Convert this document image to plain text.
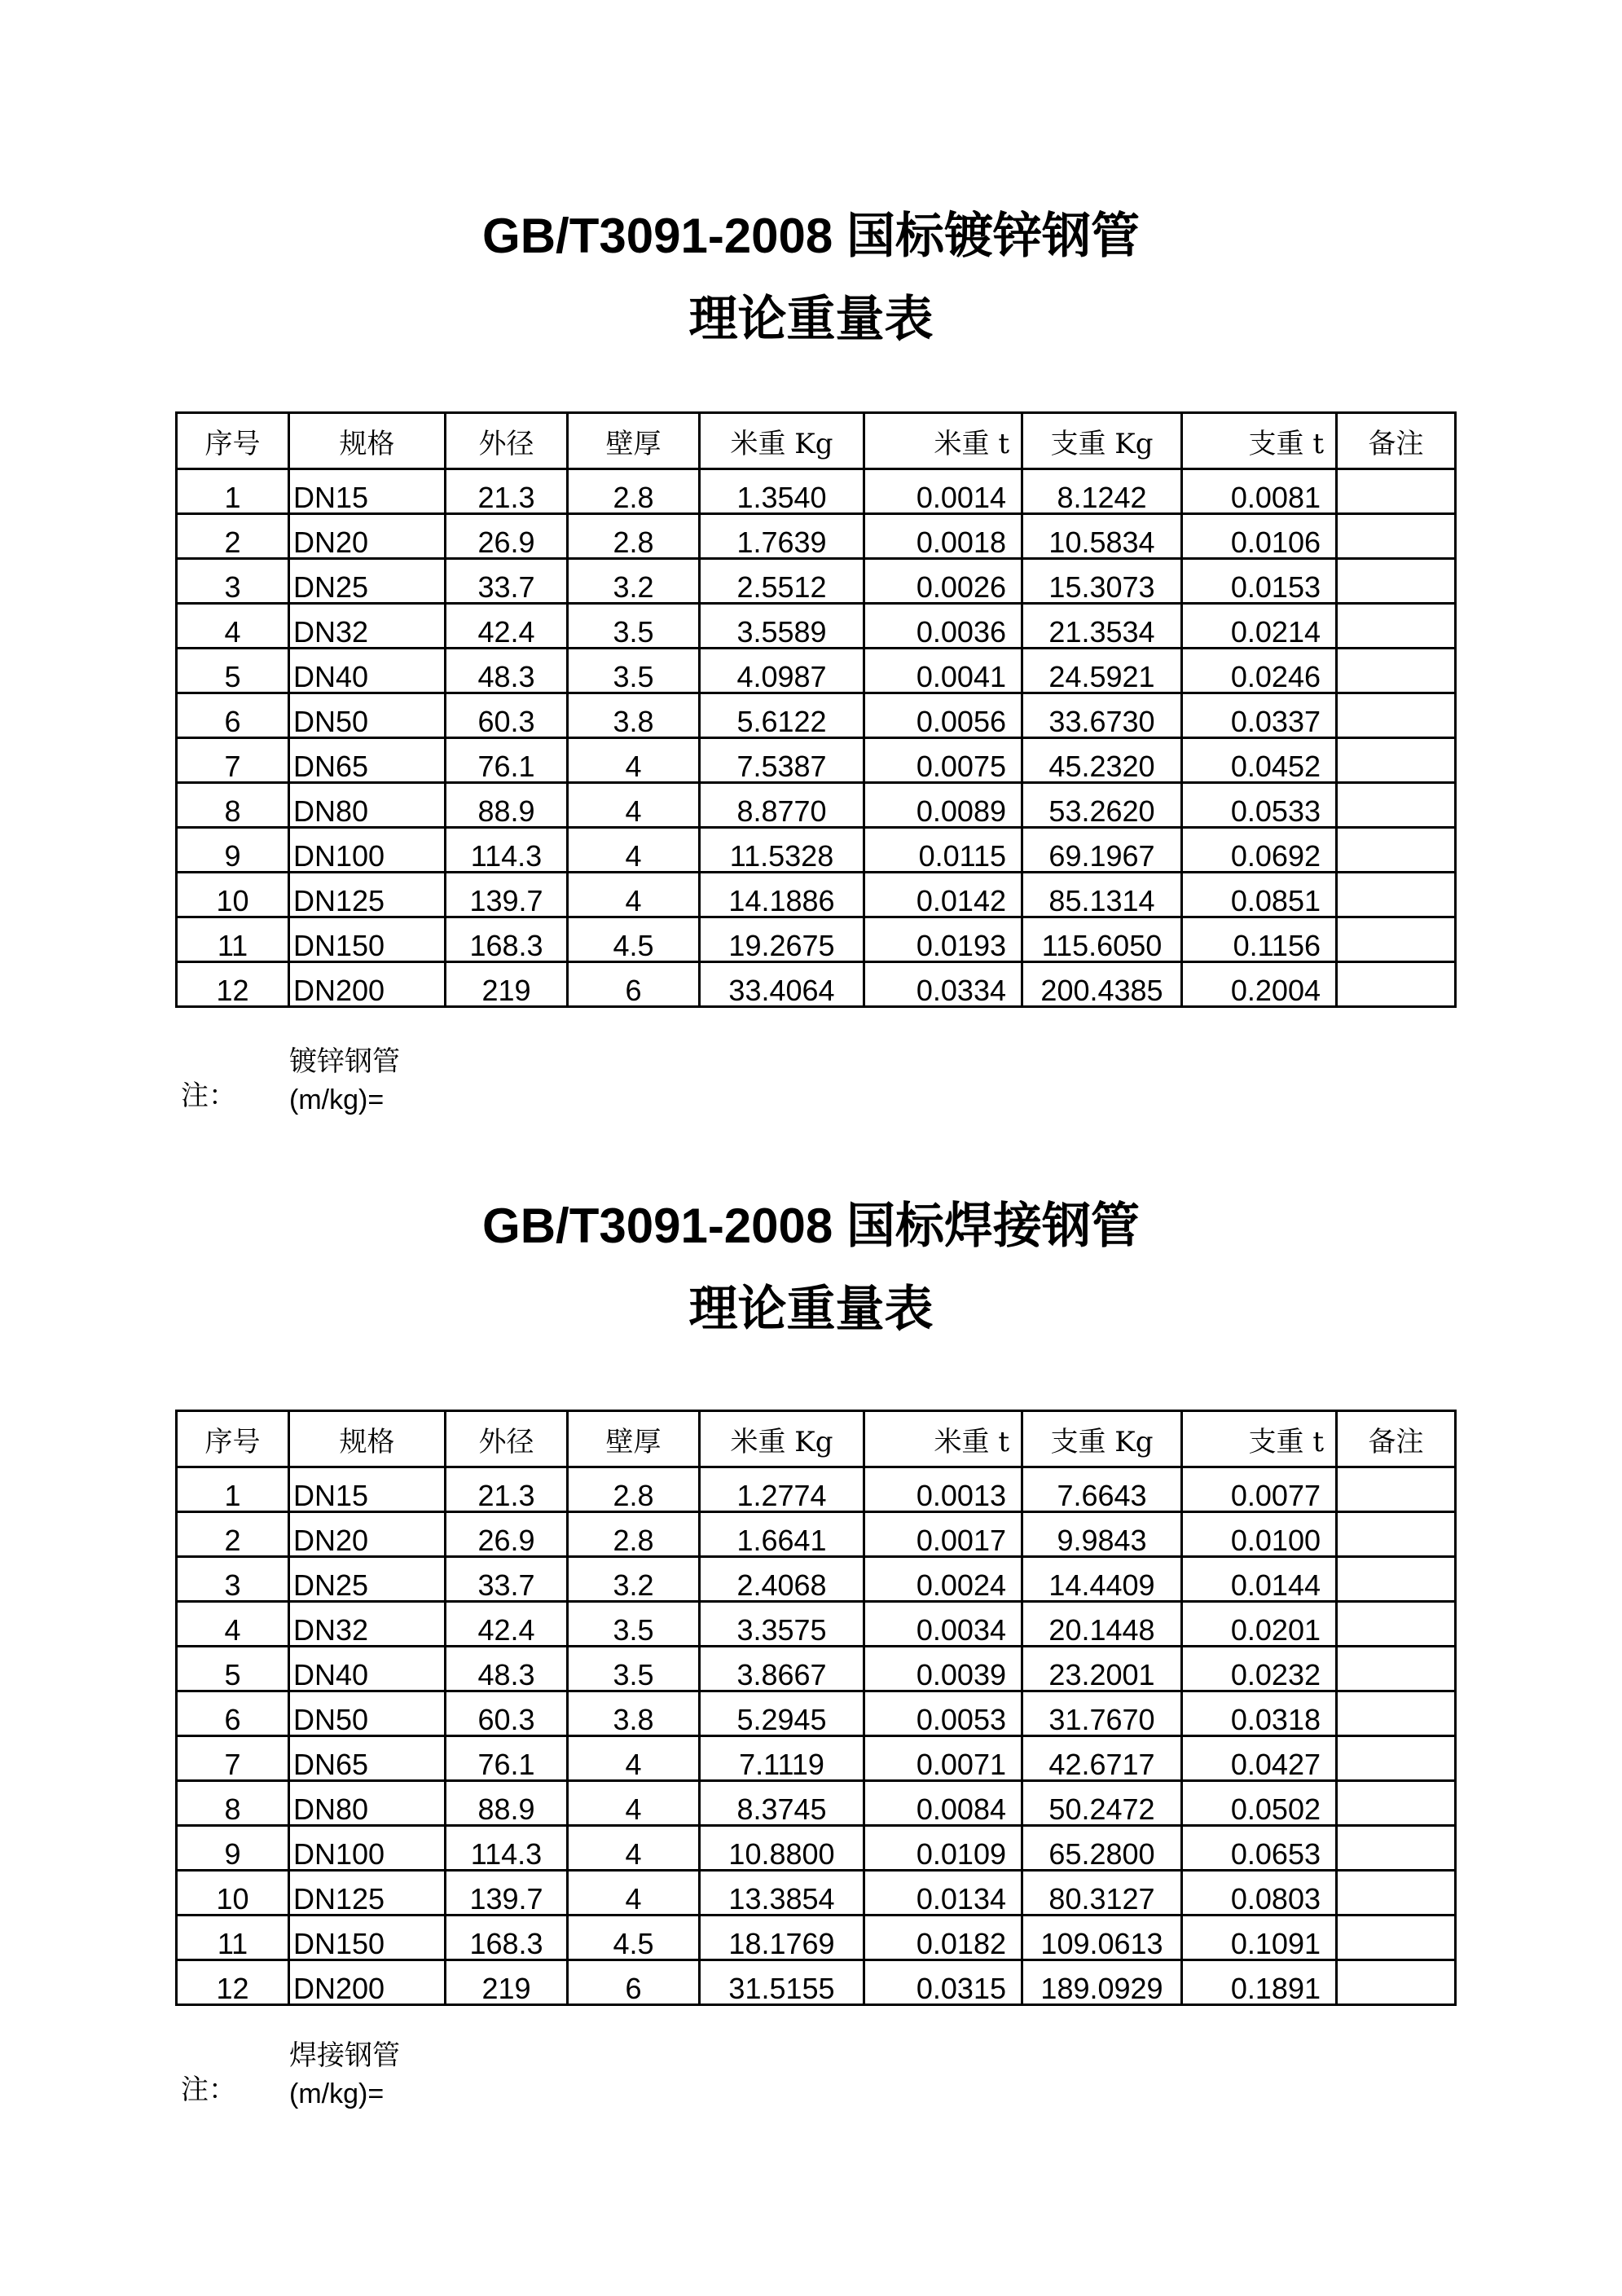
GB/T3091-2008 国标镀锌钢管
理论重量表
序号	规格	外径	壁厚	米重 Kg	米重 t	支重 Kg	支重 t	备注
1	DN15	21.3	2.8	1.3540	0.0014	8.1242	0.0081	
2	DN20	26.9	2.8	1.7639	0.0018	10.5834	0.0106	
3	DN25	33.7	3.2	2.5512	0.0026	15.3073	0.0153	
4	DN32	42.4	3.5	3.5589	0.0036	21.3534	0.0214	
5	DN40	48.3	3.5	4.0987	0.0041	24.5921	0.0246	
6	DN50	60.3	3.8	5.6122	0.0056	33.6730	0.0337	
7	DN65	76.1	4	7.5387	0.0075	45.2320	0.0452	
8	DN80	88.9	4	8.8770	0.0089	53.2620	0.0533	
9	DN100	114.3	4	11.5328	0.0115	69.1967	0.0692	
10	DN125	139.7	4	14.1886	0.0142	85.1314	0.0851	
11	DN150	168.3	4.5	19.2675	0.0193	115.6050	0.1156	
12	DN200	219	6	33.4064	0.0334	200.4385	0.2004	
注：
镀锌钢管
(m/kg)=
GB/T3091-2008 国标焊接钢管
理论重量表
序号	规格	外径	壁厚	米重 Kg	米重 t	支重 Kg	支重 t	备注
1	DN15	21.3	2.8	1.2774	0.0013	7.6643	0.0077	
2	DN20	26.9	2.8	1.6641	0.0017	9.9843	0.0100	
3	DN25	33.7	3.2	2.4068	0.0024	14.4409	0.0144	
4	DN32	42.4	3.5	3.3575	0.0034	20.1448	0.0201	
5	DN40	48.3	3.5	3.8667	0.0039	23.2001	0.0232	
6	DN50	60.3	3.8	5.2945	0.0053	31.7670	0.0318	
7	DN65	76.1	4	7.1119	0.0071	42.6717	0.0427	
8	DN80	88.9	4	8.3745	0.0084	50.2472	0.0502	
9	DN100	114.3	4	10.8800	0.0109	65.2800	0.0653	
10	DN125	139.7	4	13.3854	0.0134	80.3127	0.0803	
11	DN150	168.3	4.5	18.1769	0.0182	109.0613	0.1091	
12	DN200	219	6	31.5155	0.0315	189.0929	0.1891	
注：
焊接钢管
(m/kg)=
